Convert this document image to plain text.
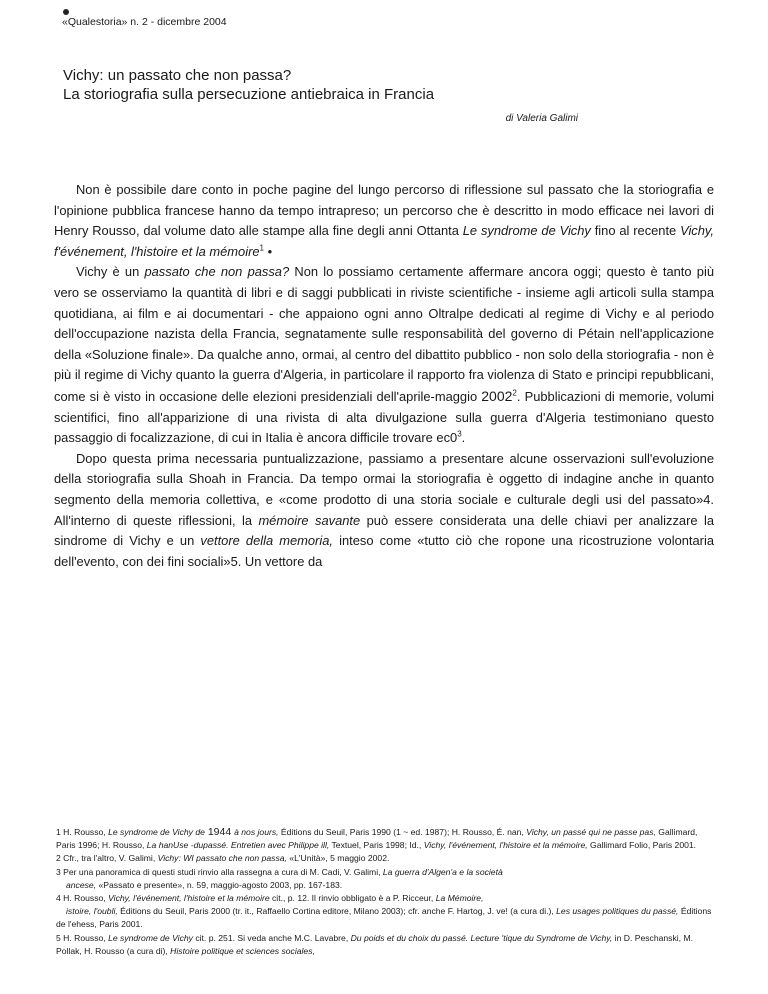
«Qualestoria» n. 2 - dicembre 2004
Vichy: un passato che non passa?
La storiografia sulla persecuzione antiebraica in Francia
di Valeria Galimi

Non è possibile dare conto in poche pagine del lungo percorso di riflessione sul passato che la storiografia e l'opinione pubblica francese hanno da tempo intrapreso; un percorso che è descritto in modo efficace nei lavori di Henry Rousso, dal volume dato alle stampe alla fine degli anni Ottanta Le syndrome de Vichy fino al recente Vichy, f'événement, l'histoire et la mémoire$^1$ •

Vichy è un passato che non passa? Non lo possiamo certamente affermare ancora oggi; questo è tanto più vero se osserviamo la quantità di libri e di saggi pubblicati in riviste scientifiche - insieme agli articoli sulla stampa quotidiana, ai film e ai documentari - che appaiono ogni anno Oltralpe dedicati al regime di Vichy e al periodo dell'occupazione nazista della Francia, segnatamente sulle responsabilità del governo di Pétain nell'applicazione della «Soluzione finale». Da qualche anno, ormai, al centro del dibattito pubblico - non solo della storiografia - non è più il regime di Vichy quanto la guerra d'Algeria, in particolare il rapporto fra violenza di Stato e principi repubblicani, come si è visto in occasione delle elezioni presidenziali dell'aprile-maggio 2002$^2$. Pubblicazioni di memorie, volumi scientifici, fino all'apparizione di una rivista di alta divulgazione sulla guerra d'Algeria testimoniano questo passaggio di focalizzazione, di cui in Italia è ancora difficile trovare $ec0^3$.

Dopo questa prima necessaria puntualizzazione, passiamo a presentare alcune osservazioni sull'evoluzione della storiografia sulla Shoah in Francia. Da tempo ormai la storiografia è oggetto di indagine anche in quanto segmento della memoria collettiva, e «come prodotto di una storia sociale e culturale degli usi del passato»4. All'interno di queste riflessioni, la mémoire savante può essere considerata una delle chiavi per analizzare la sindrome di Vichy e un vettore della memoria, inteso come «tutto ciò che ropone una ricostruzione volontaria dell'evento, con dei fini sociali»5. Un vettore da

1 H. Rousso, Le syndrome de Vichy de 1944 à nos jours, Éditions du Seuil, Paris 1990 (1 ~ ed. 1987); H. Rousso, É. nan, Vichy, un passé qui ne passe pas, Gallimard, Paris 1996; H. Rousso, La hanUse -dupassé. Entretien avec Philippe ill, Textuel, Paris 1998; Id., Vichy, l'événement, l'histoire et la mémoire, Gallimard Folio, Paris 2001.

2 Cfr., tra l'altro, V. Galimi, Vichy: WI passato che non passa, «L'Unità», 5 maggio 2002.

3 Per una panoramica di questi studi rinvio alla rassegna a cura di M. Cadi, V. Galimi, La guerra d'Algen'a e la società
ancese, «Passato e presente», n. 59, maggio-agosto 2003, pp. 167-183.

4 H. Rousso, Vichy, l'événement, l'histoire et la mémoire cit., p. 12. Il rinvio obbligato è a P. Ricceur, La Mémoire,
istoire, l'oubli, Éditions du Seuil, Paris 2000 (tr. it., Raffaello Cortina editore, Milano 2003); cfr. anche F. Hartog, J. ve! (a cura di.), Les usages politiques du passé, Éditions de l'ehess, Paris 2001.

5 H. Rousso, Le syndrome de Vichy cit. p. 251. Si veda anche M.C. Lavabre, Du poids et du choix du passé. Lecture 'tique du Syndrome de Vichy, in D. Peschanski, M. Pollak, H. Rousso (a cura di), Histoire politique et sciences sociales,
